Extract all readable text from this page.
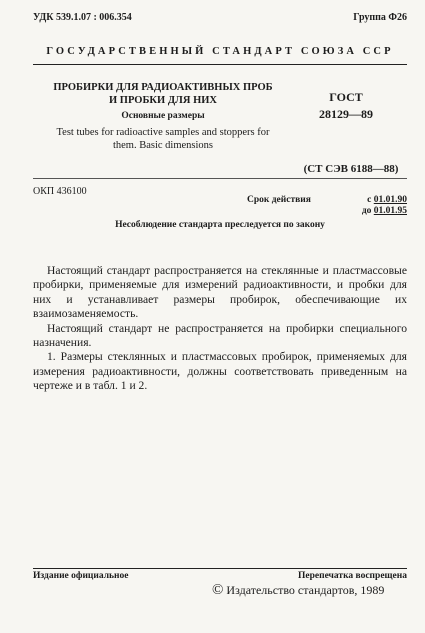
УДК 539.1.07 : 006.354	Группа Ф26
ГОСУДАРСТВЕННЫЙ СТАНДАРТ СОЮЗА ССР
ПРОБИРКИ ДЛЯ РАДИОАКТИВНЫХ ПРОБ
И ПРОБКИ ДЛЯ НИХ
Основные размеры
Test tubes for radioactive samples and stoppers for
them. Basic dimensions
ГОСТ
28129—89
(СТ СЭВ 6188—88)
ОКП 436100
Срок действия	с 01.01.90
до 01.01.95
Несоблюдение стандарта преследуется по закону

Настоящий стандарт распространяется на стеклянные и пластмассовые пробирки, применяемые для измерений радиоактивности, и пробки для них и устанавливает размеры пробирок, обеспечивающие их взаимозаменяемость.

Настоящий стандарт не распространяется на пробирки специального назначения.

1. Размеры стеклянных и пластмассовых пробирок, применяемых для измерения радиоактивности, должны соответствовать приведенным на чертеже и в табл. 1 и 2.

Издание официальное	Перепечатка воспрещена
© Издательство стандартов, 1989
